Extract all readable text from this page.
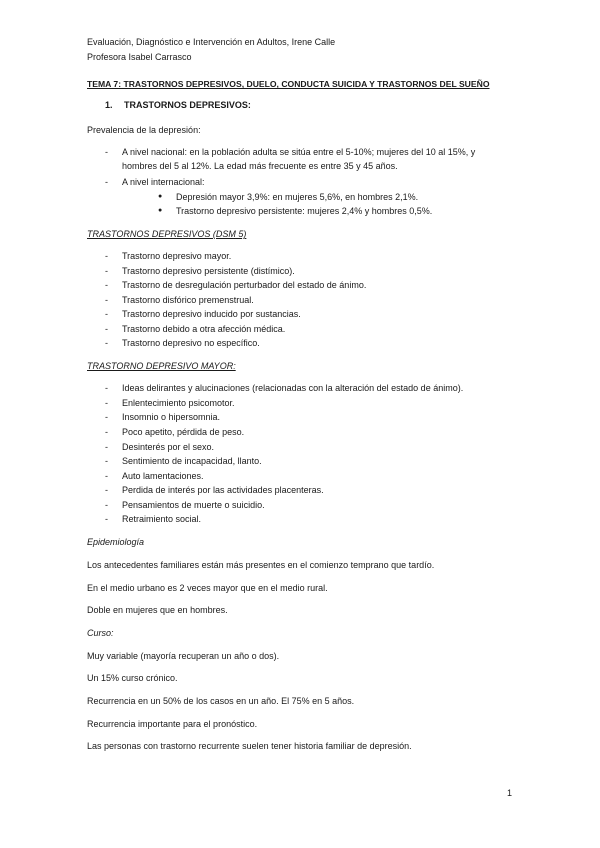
Evaluación, Diagnóstico e Intervención en Adultos, Irene Calle
Profesora Isabel Carrasco
TEMA 7: TRASTORNOS DEPRESIVOS, DUELO, CONDUCTA SUICIDA Y TRASTORNOS DEL SUEÑO
1. TRASTORNOS DEPRESIVOS:
Prevalencia de la depresión:
- A nivel nacional: en la población adulta se sitúa entre el 5-10%; mujeres del 10 al 15%, y
hombres del 5 al 12%. La edad más frecuente es entre 35 y 45 años.
- A nivel internacional:
● Depresión mayor 3,9%: en mujeres 5,6%, en hombres 2,1%.
● Trastorno depresivo persistente: mujeres 2,4% y hombres 0,5%.
TRASTORNOS DEPRESIVOS (DSM 5)
- Trastorno depresivo mayor.
- Trastorno depresivo persistente (distímico).
- Trastorno de desregulación perturbador del estado de ánimo.
- Trastorno disfórico premenstrual.
- Trastorno depresivo inducido por sustancias.
- Trastorno debido a otra afección médica.
- Trastorno depresivo no específico.
TRASTORNO DEPRESIVO MAYOR:
- Ideas delirantes y alucinaciones (relacionadas con la alteración del estado de ánimo).
- Enlentecimiento psicomotor.
- Insomnio o hipersomnia.
- Poco apetito, pérdida de peso.
- Desinterés por el sexo.
- Sentimiento de incapacidad, llanto.
- Auto lamentaciones.
- Perdida de interés por las actividades placenteras.
- Pensamientos de muerte o suicidio.
- Retraimiento social.
Epidemiología
Los antecedentes familiares están más presentes en el comienzo temprano que tardío.
En el medio urbano es 2 veces mayor que en el medio rural.
Doble en mujeres que en hombres.
Curso:
Muy variable (mayoría recuperan un año o dos).
Un 15% curso crónico.
Recurrencia en un 50% de los casos en un año. El 75% en 5 años.
Recurrencia importante para el pronóstico.
Las personas con trastorno recurrente suelen tener historia familiar de depresión.
1
